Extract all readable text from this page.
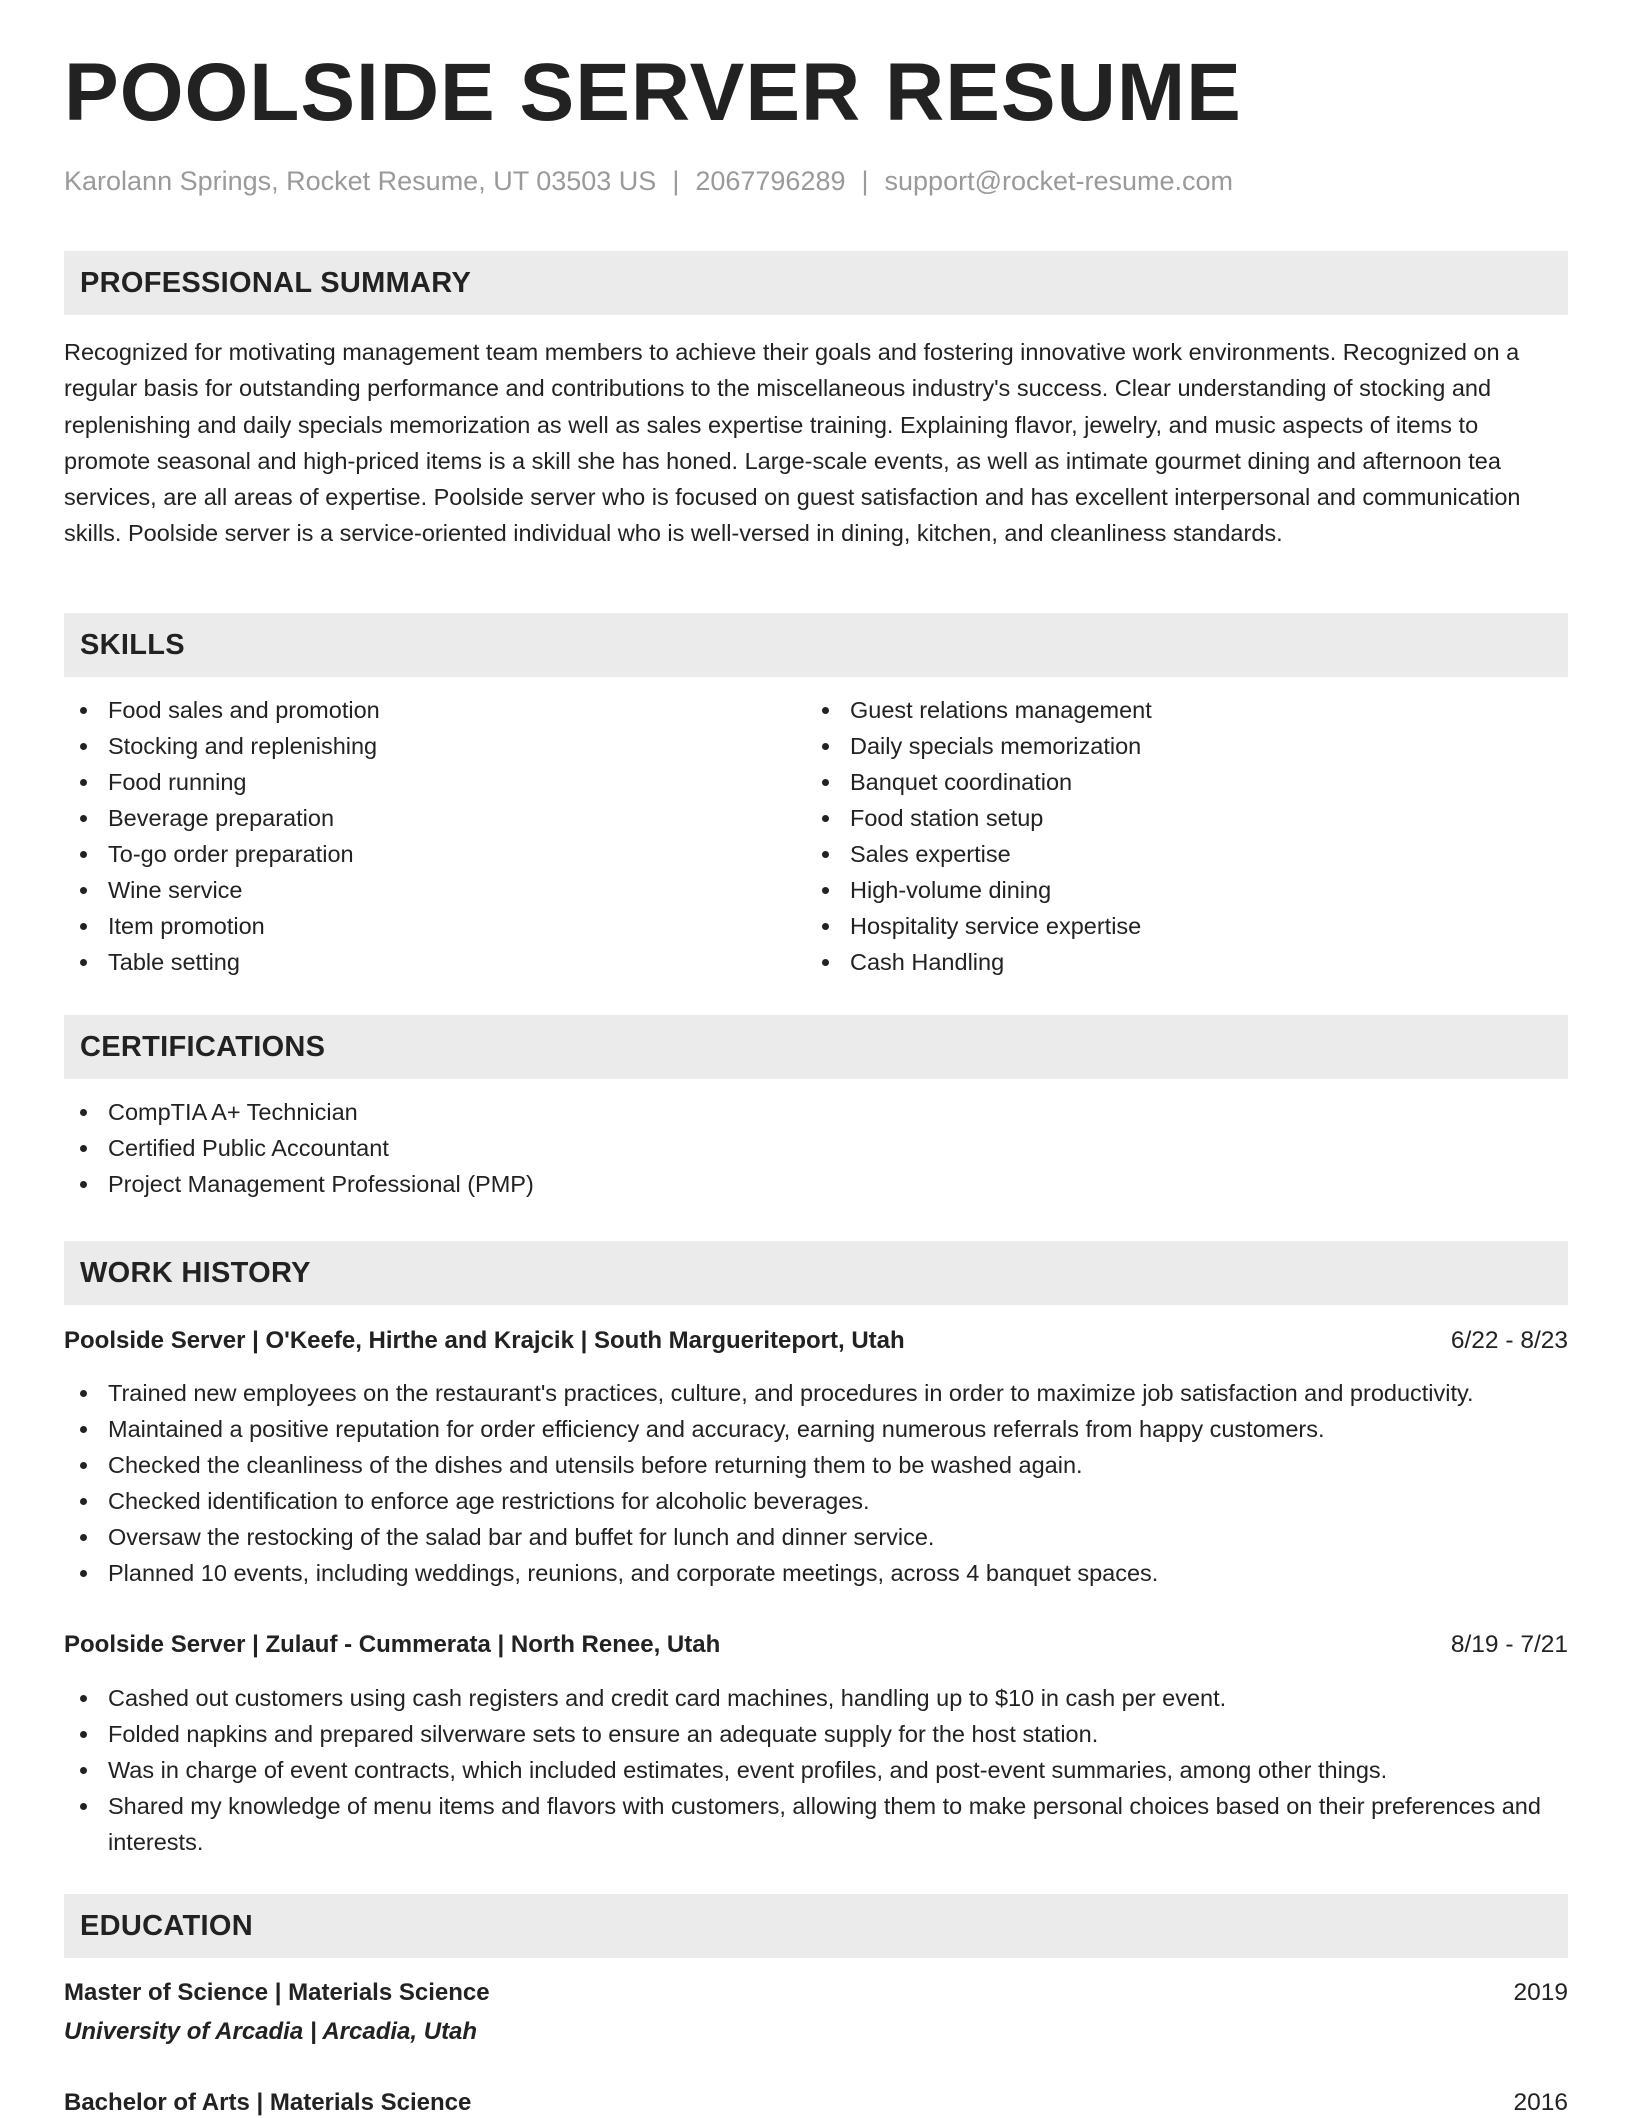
POOLSIDE SERVER RESUME
Karolann Springs, Rocket Resume, UT 03503 US | 2067796289 | support@rocket-resume.com
PROFESSIONAL SUMMARY

Recognized for motivating management team members to achieve their goals and fostering innovative work environments. Recognized on a regular basis for outstanding performance and contributions to the miscellaneous industry's success. Clear understanding of stocking and replenishing and daily specials memorization as well as sales expertise training. Explaining flavor, jewelry, and music aspects of items to promote seasonal and high-priced items is a skill she has honed. Large-scale events, as well as intimate gourmet dining and afternoon tea services, are all areas of expertise. Poolside server who is focused on guest satisfaction and has excellent interpersonal and communication skills. Poolside server is a service-oriented individual who is well-versed in dining, kitchen, and cleanliness standards.

SKILLS
Food sales and promotion
Stocking and replenishing
Food running
Beverage preparation
To-go order preparation
Wine service
Item promotion
Table setting
Guest relations management
Daily specials memorization
Banquet coordination
Food station setup
Sales expertise
High-volume dining
Hospitality service expertise
Cash Handling
CERTIFICATIONS
CompTIA A+ Technician
Certified Public Accountant
Project Management Professional (PMP)
WORK HISTORY
Poolside Server | O'Keefe, Hirthe and Krajcik | South Margueriteport, Utah	6/22 - 8/23
Trained new employees on the restaurant's practices, culture, and procedures in order to maximize job satisfaction and productivity.
Maintained a positive reputation for order efficiency and accuracy, earning numerous referrals from happy customers.
Checked the cleanliness of the dishes and utensils before returning them to be washed again.
Checked identification to enforce age restrictions for alcoholic beverages.
Oversaw the restocking of the salad bar and buffet for lunch and dinner service.
Planned 10 events, including weddings, reunions, and corporate meetings, across 4 banquet spaces.
Poolside Server | Zulauf - Cummerata | North Renee, Utah	8/19 - 7/21
Cashed out customers using cash registers and credit card machines, handling up to $10 in cash per event.
Folded napkins and prepared silverware sets to ensure an adequate supply for the host station.
Was in charge of event contracts, which included estimates, event profiles, and post-event summaries, among other things.
Shared my knowledge of menu items and flavors with customers, allowing them to make personal choices based on their preferences and interests.
EDUCATION
Master of Science | Materials Science	2019
University of Arcadia | Arcadia, Utah
Bachelor of Arts | Materials Science	2016
